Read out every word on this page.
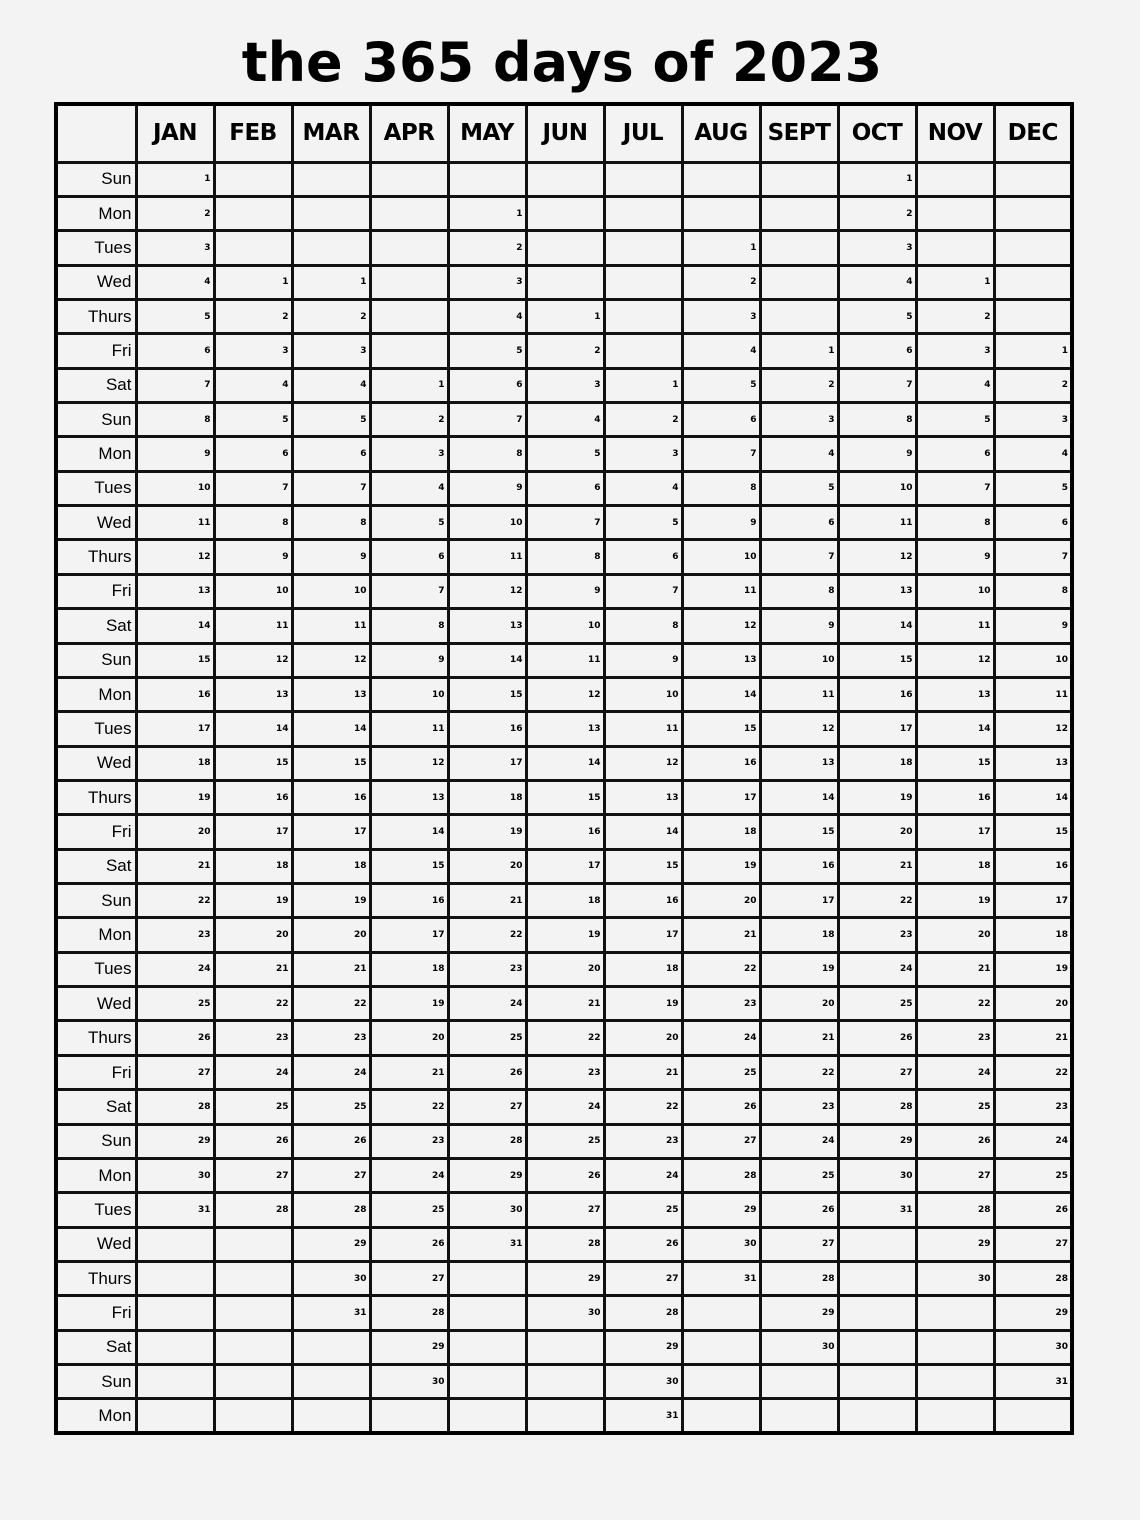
the 365 days of 2023
	JAN	FEB	MAR	APR	MAY	JUN	JUL	AUG	SEPT	OCT	NOV	DEC
Sun	1									1		
Mon	2				1					2		
Tues	3				2			1		3		
Wed	4	1	1		3			2		4	1	
Thurs	5	2	2		4	1		3		5	2	
Fri	6	3	3		5	2		4	1	6	3	1
Sat	7	4	4	1	6	3	1	5	2	7	4	2
Sun	8	5	5	2	7	4	2	6	3	8	5	3
Mon	9	6	6	3	8	5	3	7	4	9	6	4
Tues	10	7	7	4	9	6	4	8	5	10	7	5
Wed	11	8	8	5	10	7	5	9	6	11	8	6
Thurs	12	9	9	6	11	8	6	10	7	12	9	7
Fri	13	10	10	7	12	9	7	11	8	13	10	8
Sat	14	11	11	8	13	10	8	12	9	14	11	9
Sun	15	12	12	9	14	11	9	13	10	15	12	10
Mon	16	13	13	10	15	12	10	14	11	16	13	11
Tues	17	14	14	11	16	13	11	15	12	17	14	12
Wed	18	15	15	12	17	14	12	16	13	18	15	13
Thurs	19	16	16	13	18	15	13	17	14	19	16	14
Fri	20	17	17	14	19	16	14	18	15	20	17	15
Sat	21	18	18	15	20	17	15	19	16	21	18	16
Sun	22	19	19	16	21	18	16	20	17	22	19	17
Mon	23	20	20	17	22	19	17	21	18	23	20	18
Tues	24	21	21	18	23	20	18	22	19	24	21	19
Wed	25	22	22	19	24	21	19	23	20	25	22	20
Thurs	26	23	23	20	25	22	20	24	21	26	23	21
Fri	27	24	24	21	26	23	21	25	22	27	24	22
Sat	28	25	25	22	27	24	22	26	23	28	25	23
Sun	29	26	26	23	28	25	23	27	24	29	26	24
Mon	30	27	27	24	29	26	24	28	25	30	27	25
Tues	31	28	28	25	30	27	25	29	26	31	28	26
Wed			29	26	31	28	26	30	27		29	27
Thurs			30	27		29	27	31	28		30	28
Fri			31	28		30	28		29			29
Sat				29			29		30			30
Sun				30			30					31
Mon							31					
